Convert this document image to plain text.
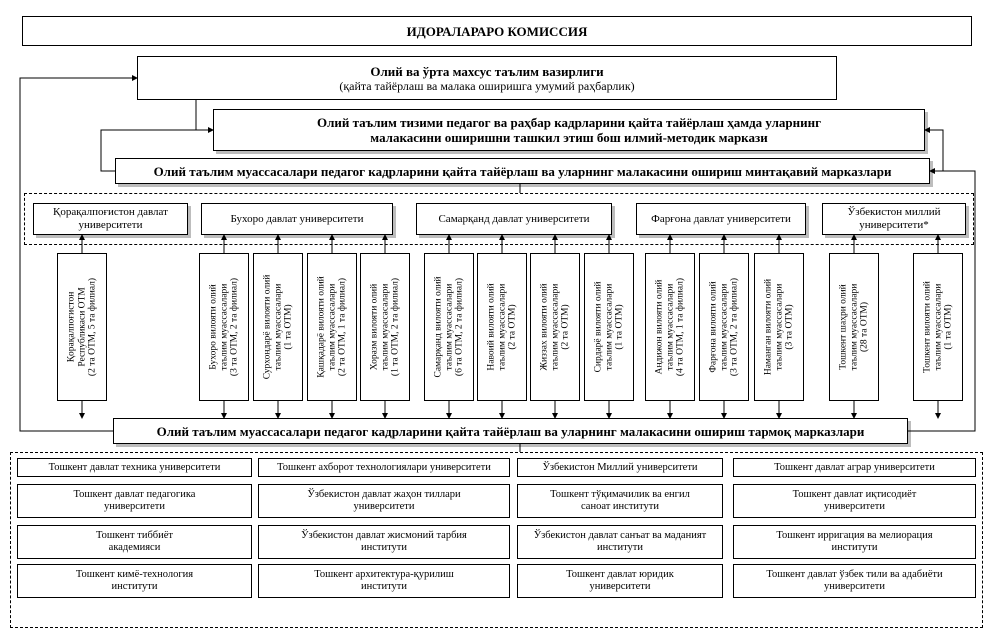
ИДОРАЛАРАРО КОМИССИЯ
Олий ва ўрта махсус таълим вазирлиги
(қайта тайёрлаш ва малака оширишга умумий раҳбарлик)
Олий таълим тизими педагог ва раҳбар кадрларини қайта тайёрлаш ҳамда уларнинг
малакасини оширишни ташкил этиш бош илмий-методик маркази
Олий таълим муассасалари педагог кадрларини қайта тайёрлаш ва уларнинг малакасини ошириш минтақавий марказлари
Қорақалпоғистон давлат университети
Бухоро давлат университети	Самарқанд давлат университети	Фарғона давлат университети
Ўзбекистон миллий университети*
Қорақалпоғистон
Республикаси ОТМ
(2 та ОТМ, 5 та филиал)
Бухоро вилояти олий
таълим муассасалари
(3 та ОТМ, 2 та филиал)
Сурхондарё вилояти олий
таълим муассасалари
(1 та ОТМ)
Қашқадарё вилояти олий
таълим муассасалари
(2 та ОТМ, 1 та филиал)
Хоразм вилояти олий
таълим муассасалари
(1 та ОТМ, 2 та филиал)
Самарқанд вилояти олий
таълим муассасалари
(6 та ОТМ, 2 та филиал)
Навоий вилояти олий
таълим муассасалари
(2 та ОТМ)
Жиззах вилояти олий
таълим муассасалари
(2 та ОТМ)
Сирдарё вилояти олий
таълим муассасалари
(1 та ОТМ)
Андижон вилояти олий
таълим муассасалари
(4 та ОТМ, 1 та филиал)
Фарғона вилояти олий
таълим муассасалари
(3 та ОТМ, 2 та филиал)
Наманган вилояти олий
таълим муассасалари
(3 та ОТМ)
Тошкент шаҳри олий
таълим муассасалари
(28 та ОТМ)
Тошкент вилояти олий
таълим муассасалари
(1 та ОТМ)
Олий таълим муассасалари педагог кадрларини қайта тайёрлаш ва уларнинг малакасини ошириш тармоқ марказлари
Тошкент давлат техника университети	Тошкент ахборот технологиялари университети	Ўзбекистон Миллий университети	Тошкент давлат аграр университети
Тошкент давлат педагогика
университети
Ўзбекистон давлат жаҳон тиллари
университети
Тошкент тўқимачилик ва енгил
саноат институти
Тошкент давлат иқтисодиёт
университети
Тошкент тиббиёт
академияси
Ўзбекистон давлат жисмоний тарбия
институти
Ўзбекистон давлат санъат ва маданият
институти
Тошкент ирригация ва мелиорация
институти
Тошкент кимё-технология
институти
Тошкент архитектура-қурилиш
институти
Тошкент давлат юридик
университети
Тошкент давлат ўзбек тили ва адабиёти
университети
